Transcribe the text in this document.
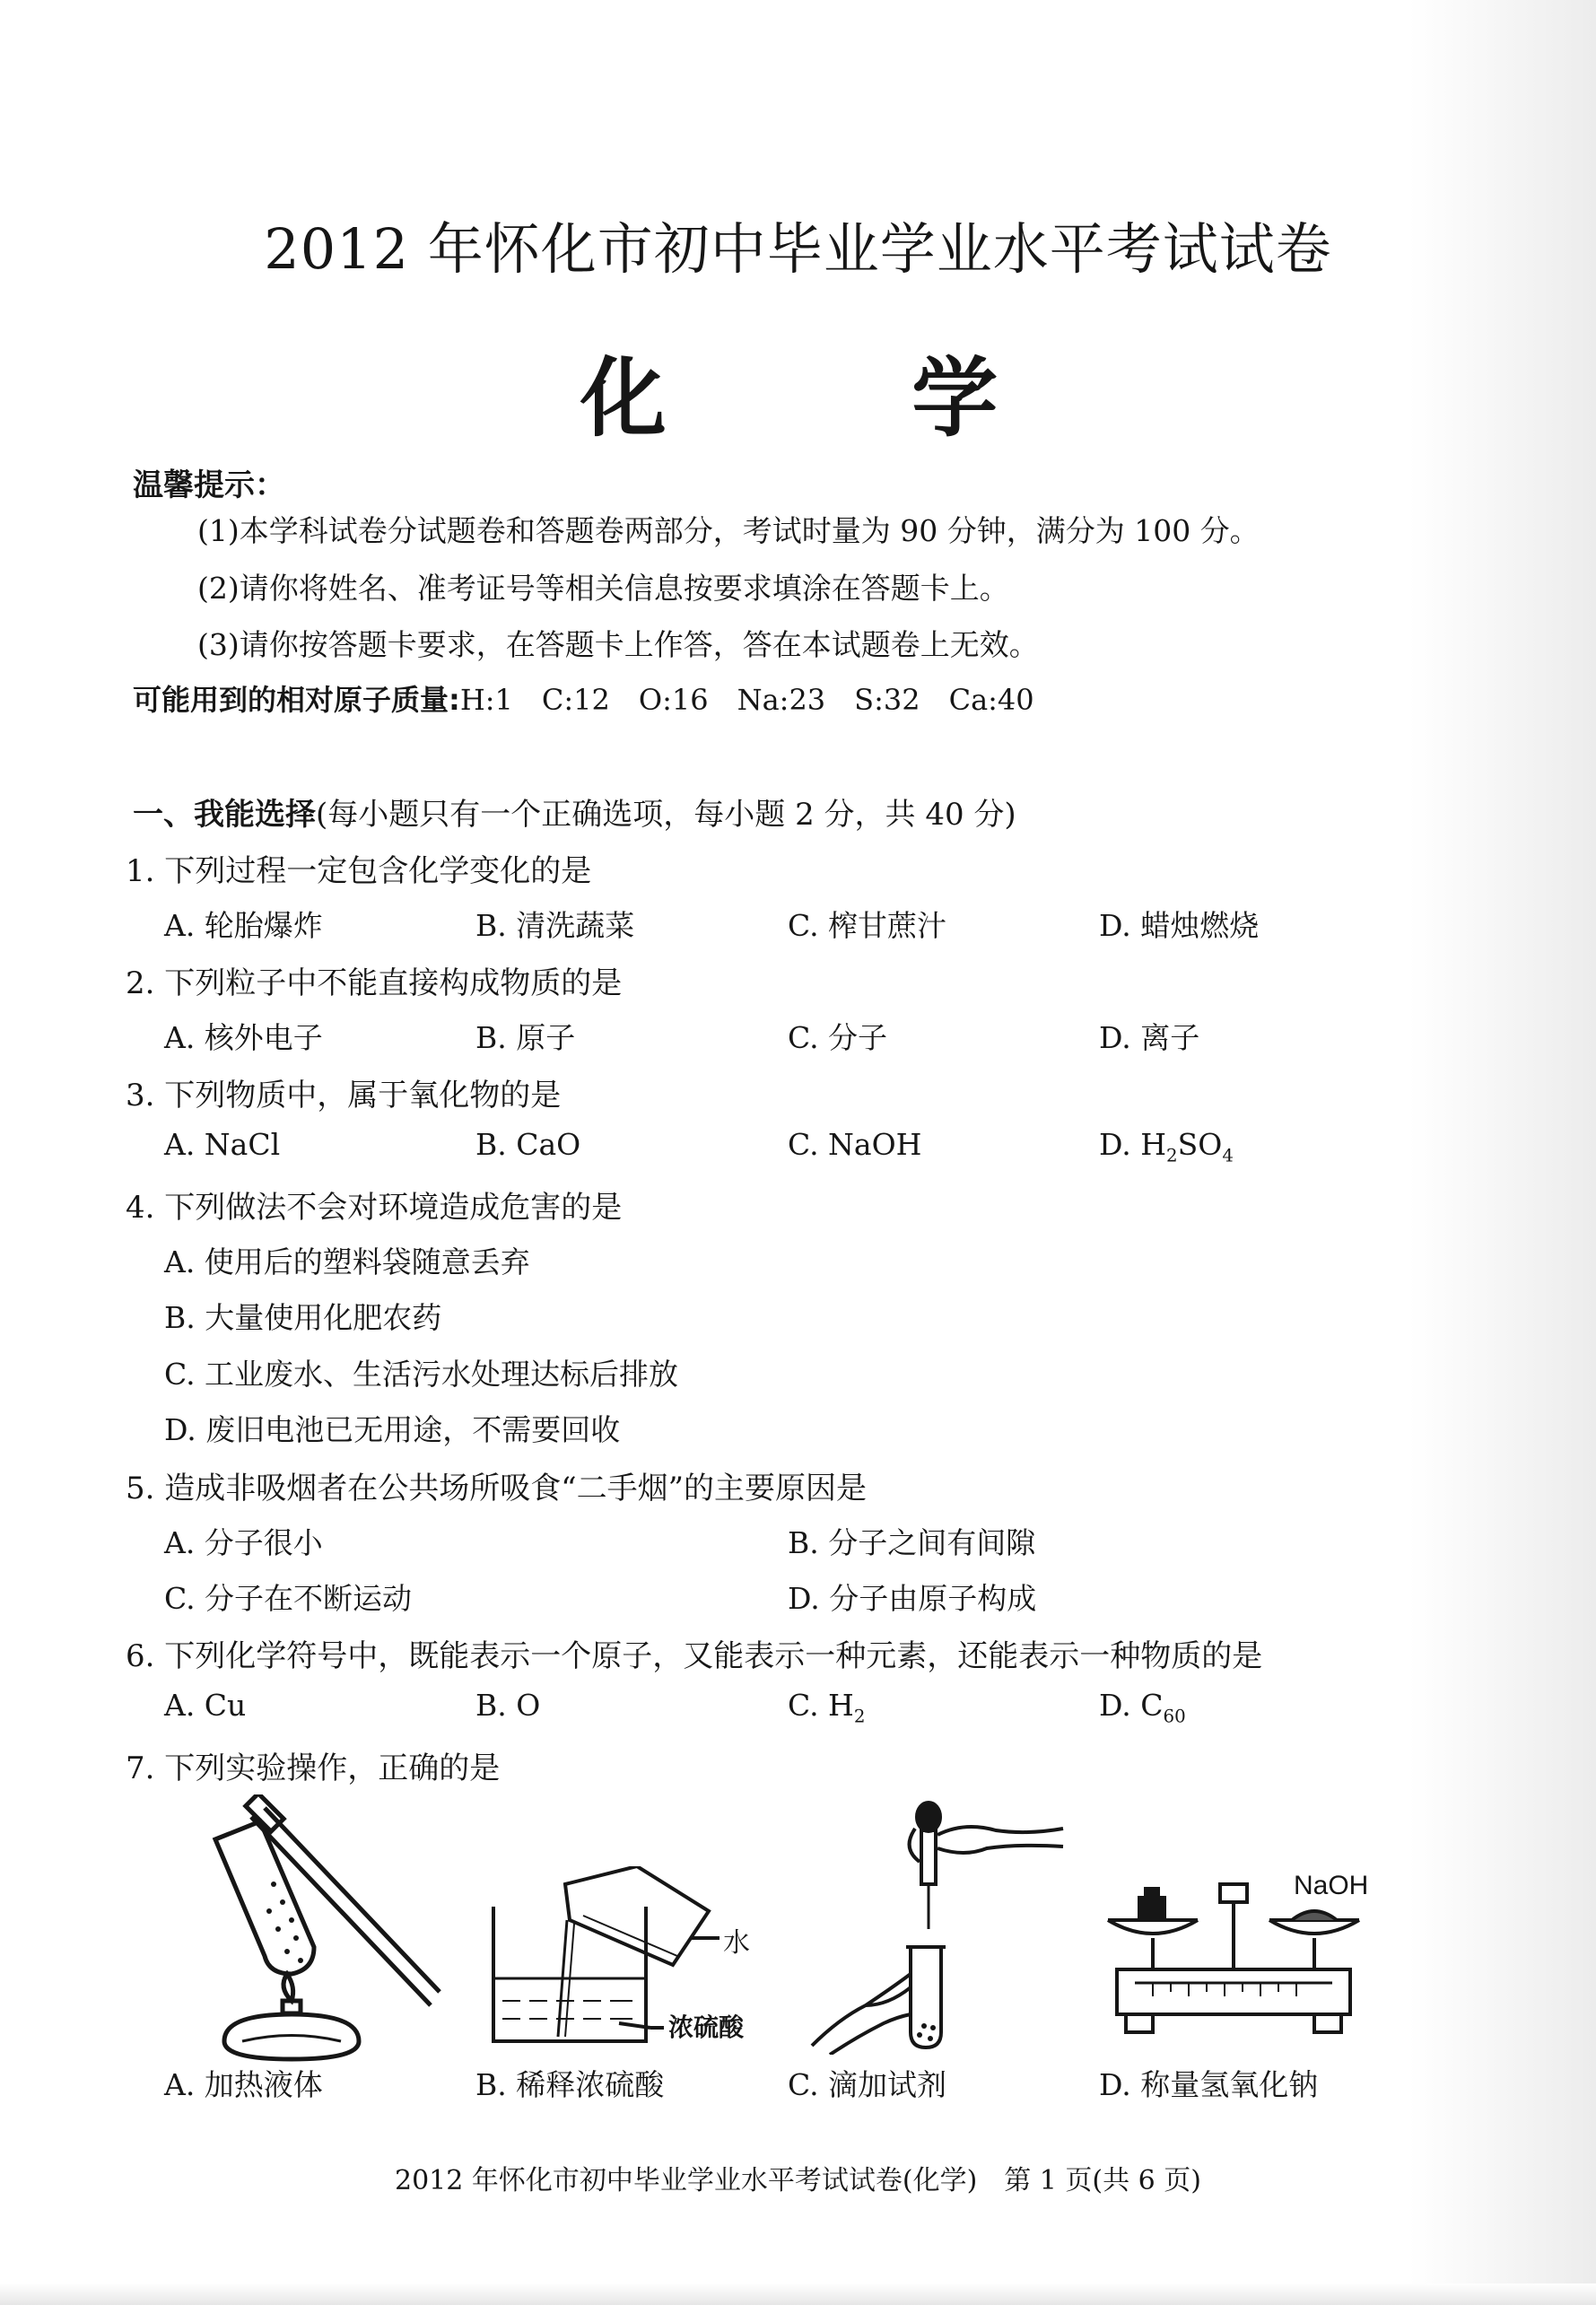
2012 年怀化市初中毕业学业水平考试试卷
化 学
温馨提示：
(1)本学科试卷分试题卷和答题卷两部分，考试时量为 90 分钟，满分为 100 分。
(2)请你将姓名、准考证号等相关信息按要求填涂在答题卡上。
(3)请你按答题卡要求，在答题卡上作答，答在本试题卷上无效。
可能用到的相对原子质量:H:1　C:12　O:16　Na:23　S:32　Ca:40
一、我能选择(每小题只有一个正确选项，每小题 2 分，共 40 分)
1. 下列过程一定包含化学变化的是
A. 轮胎爆炸	B. 清洗蔬菜	C. 榨甘蔗汁	D. 蜡烛燃烧
2. 下列粒子中不能直接构成物质的是
A. 核外电子	B. 原子	C. 分子	D. 离子
3. 下列物质中，属于氧化物的是
A. NaCl	B. CaO	C. NaOH	D. $H_2SO_4$
4. 下列做法不会对环境造成危害的是
A. 使用后的塑料袋随意丢弃
B. 大量使用化肥农药
C. 工业废水、生活污水处理达标后排放
D. 废旧电池已无用途，不需要回收
5. 造成非吸烟者在公共场所吸食“二手烟”的主要原因是
A. 分子很小	B. 分子之间有间隙
C. 分子在不断运动	D. 分子由原子构成
6. 下列化学符号中，既能表示一个原子，又能表示一种元素，还能表示一种物质的是
A. Cu	B. O	C. $H_2$	D. $C_{60}$
7. 下列实验操作，正确的是
A. 加热液体
水
浓硫酸
B. 稀释浓硫酸	C. 滴加试剂
NaOH
D. 称量氢氧化钠
2012 年怀化市初中毕业学业水平考试试卷(化学)　第 1 页(共 6 页)
